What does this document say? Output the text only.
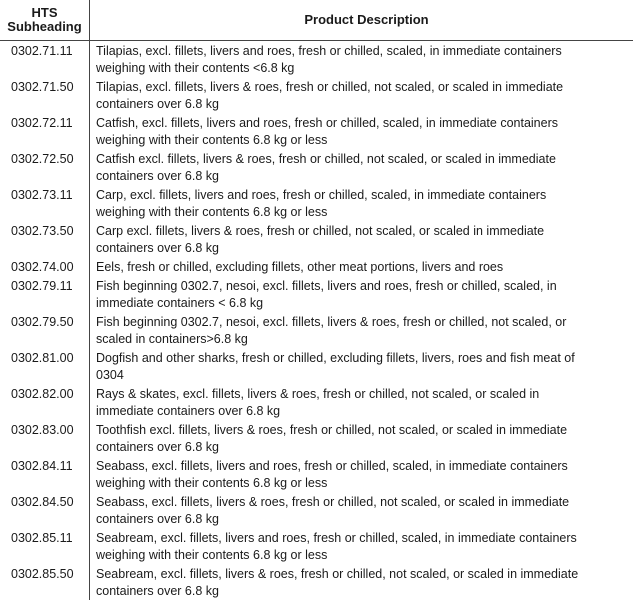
HTS
Subheading	Product Description
0302.71.11	Tilapias, excl. fillets, livers and roes, fresh or chilled, scaled, in immediate containers
weighing with their contents <6.8 kg
0302.71.50	Tilapias, excl. fillets, livers & roes, fresh or chilled, not scaled, or scaled in immediate
containers over 6.8 kg
0302.72.11	Catfish, excl. fillets, livers and roes, fresh or chilled, scaled, in immediate containers
weighing with their contents 6.8 kg or less
0302.72.50	Catfish excl. fillets, livers & roes, fresh or chilled, not scaled, or scaled in immediate
containers over 6.8 kg
0302.73.11	Carp, excl. fillets, livers and roes, fresh or chilled, scaled, in immediate containers
weighing with their contents 6.8 kg or less
0302.73.50	Carp excl. fillets, livers & roes, fresh or chilled, not scaled, or scaled in immediate
containers over 6.8 kg
0302.74.00	Eels, fresh or chilled, excluding fillets, other meat portions, livers and roes
0302.79.11	Fish beginning 0302.7, nesoi, excl. fillets, livers and roes, fresh or chilled, scaled, in
immediate containers < 6.8 kg
0302.79.50	Fish beginning 0302.7, nesoi, excl. fillets, livers & roes, fresh or chilled, not scaled, or
scaled in containers>6.8 kg
0302.81.00	Dogfish and other sharks, fresh or chilled, excluding fillets, livers, roes and fish meat of
0304
0302.82.00	Rays & skates, excl. fillets, livers & roes, fresh or chilled, not scaled, or scaled in
immediate containers over 6.8 kg
0302.83.00	Toothfish excl. fillets, livers & roes, fresh or chilled, not scaled, or scaled in immediate
containers over 6.8 kg
0302.84.11	Seabass, excl. fillets, livers and roes, fresh or chilled, scaled, in immediate containers
weighing with their contents 6.8 kg or less
0302.84.50	Seabass, excl. fillets, livers & roes, fresh or chilled, not scaled, or scaled in immediate
containers over 6.8 kg
0302.85.11	Seabream, excl. fillets, livers and roes, fresh or chilled, scaled, in immediate containers
weighing with their contents 6.8 kg or less
0302.85.50	Seabream, excl. fillets, livers & roes, fresh or chilled, not scaled, or scaled in immediate
containers over 6.8 kg
